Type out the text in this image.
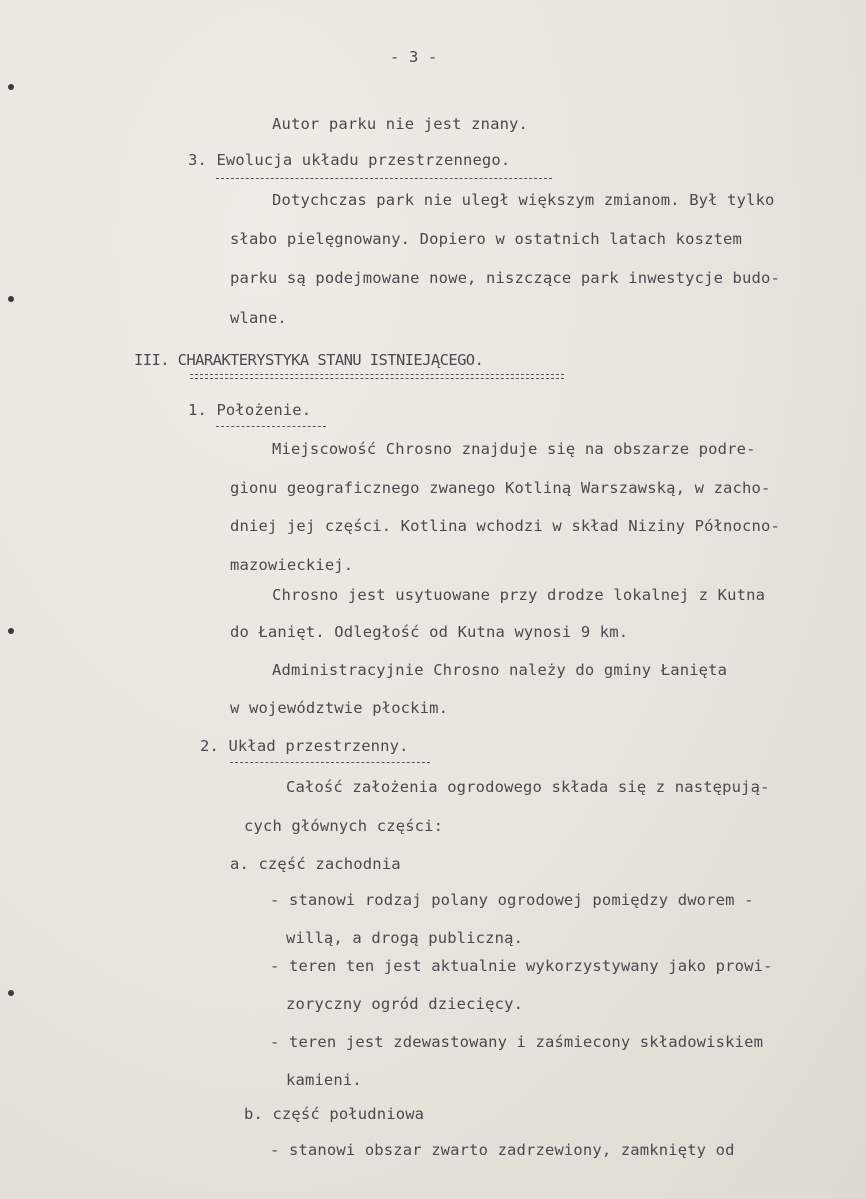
- 3 -
Autor parku nie jest znany.
3. Ewolucja układu przestrzennego.
Dotychczas park nie uległ większym zmianom. Był tylko
słabo pielęgnowany. Dopiero w ostatnich latach kosztem
parku są podejmowane nowe, niszczące park inwestycje budo-
wlane.
III. CHARAKTERYSTYKA STANU ISTNIEJĄCEGO.
1. Położenie.
Miejscowość Chrosno znajduje się na obszarze podre-
gionu geograficznego zwanego Kotliną Warszawską, w zacho-
dniej jej części. Kotlina wchodzi w skład Niziny Północno-
mazowieckiej.
Chrosno jest usytuowane przy drodze lokalnej z Kutna
do Łanięt. Odległość od Kutna wynosi 9 km.
Administracyjnie Chrosno należy do gminy Łanięta
w województwie płockim.
2. Układ przestrzenny.
Całość założenia ogrodowego składa się z następują-
cych głównych części:
a. część zachodnia
- stanowi rodzaj polany ogrodowej pomiędzy dworem -
willą, a drogą publiczną.
- teren ten jest aktualnie wykorzystywany jako prowi-
zoryczny ogród dziecięcy.
- teren jest zdewastowany i zaśmiecony składowiskiem
kamieni.
b. część południowa
- stanowi obszar zwarto zadrzewiony, zamknięty od
